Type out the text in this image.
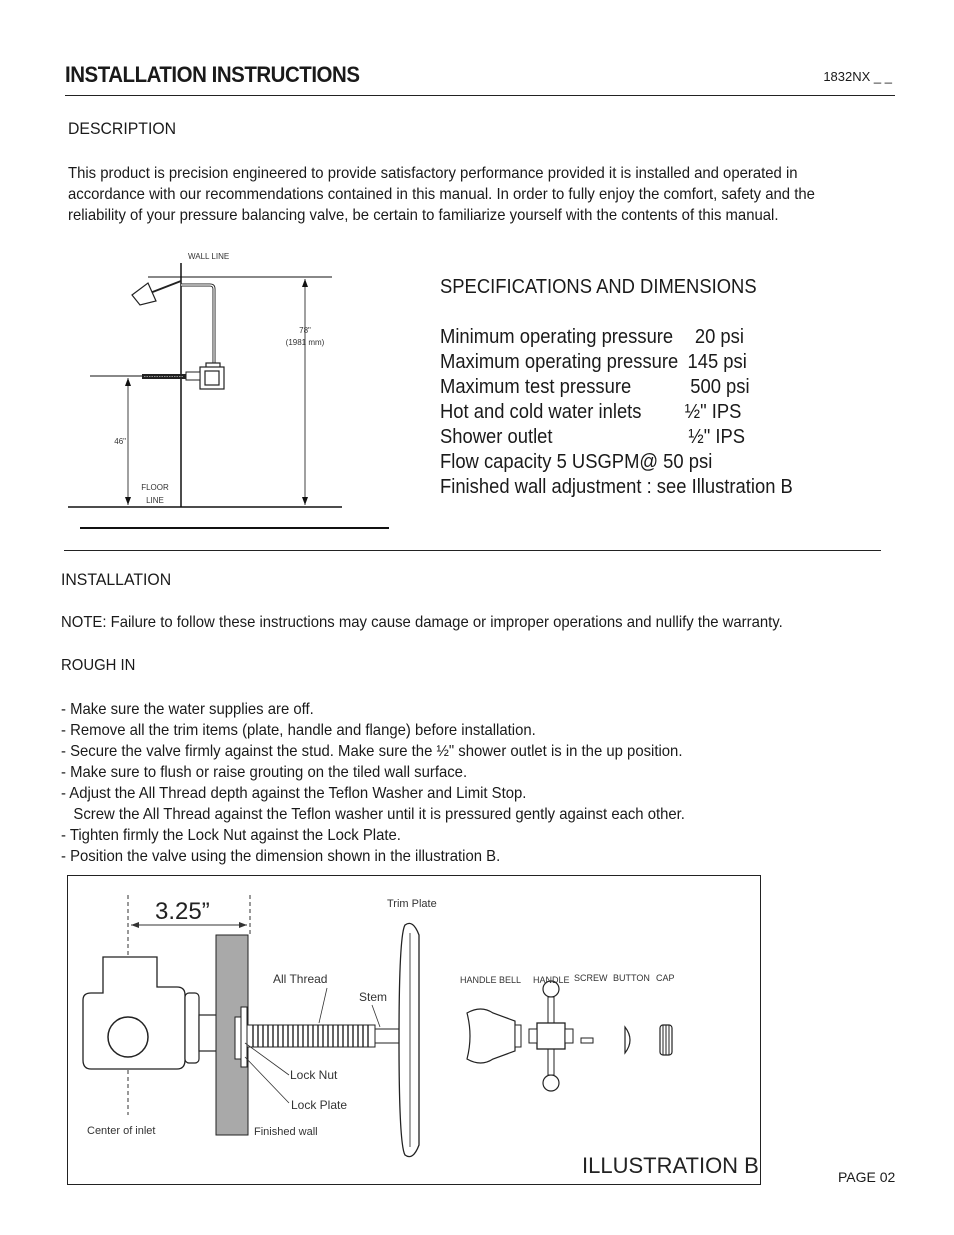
INSTALLATION INSTRUCTIONS	1832NX _ _
DESCRIPTION
This product is precision engineered to provide satisfactory performance provided it is installed and operated in
accordance with our recommendations contained in this manual. In order to fully enjoy the comfort, safety and the
reliability of your pressure balancing valve, be certain to familiarize yourself with the contents of this manual.
WALL LINE
78"
(1981 mm)
46"
FLOOR
LINE
SPECIFICATIONS AND DIMENSIONS
Minimum operating pressure 20 psi
Maximum operating pressure 145 psi
Maximum test pressure	500 psi
Hot and cold water inlets ½" IPS
Shower outlet	½" IPS
Flow capacity 5 USGPM@ 50 psi
Finished wall adjustment : see Illustration B
INSTALLATION
NOTE: Failure to follow these instructions may cause damage or improper operations and nullify the warranty.
ROUGH IN
- Make sure the water supplies are off.
- Remove all the trim items (plate, handle and flange) before installation.
- Secure the valve firmly against the stud. Make sure the ½" shower outlet is in the up position.
- Make sure to flush or raise grouting on the tiled wall surface.
- Adjust the All Thread depth against the Teflon Washer and Limit Stop.
Screw the All Thread against the Teflon washer until it is pressured gently against each other.
- Tighten firmly the Lock Nut against the Lock Plate.
- Position the valve using the dimension shown in the illustration B.
3.25”	Trim Plate
All Thread
Stem
Lock Nut
Lock Plate
Center of inlet	Finished wall
HANDLE BELL HANDLE SCREW BUTTON CAP
ILLUSTRATION B	PAGE 02
